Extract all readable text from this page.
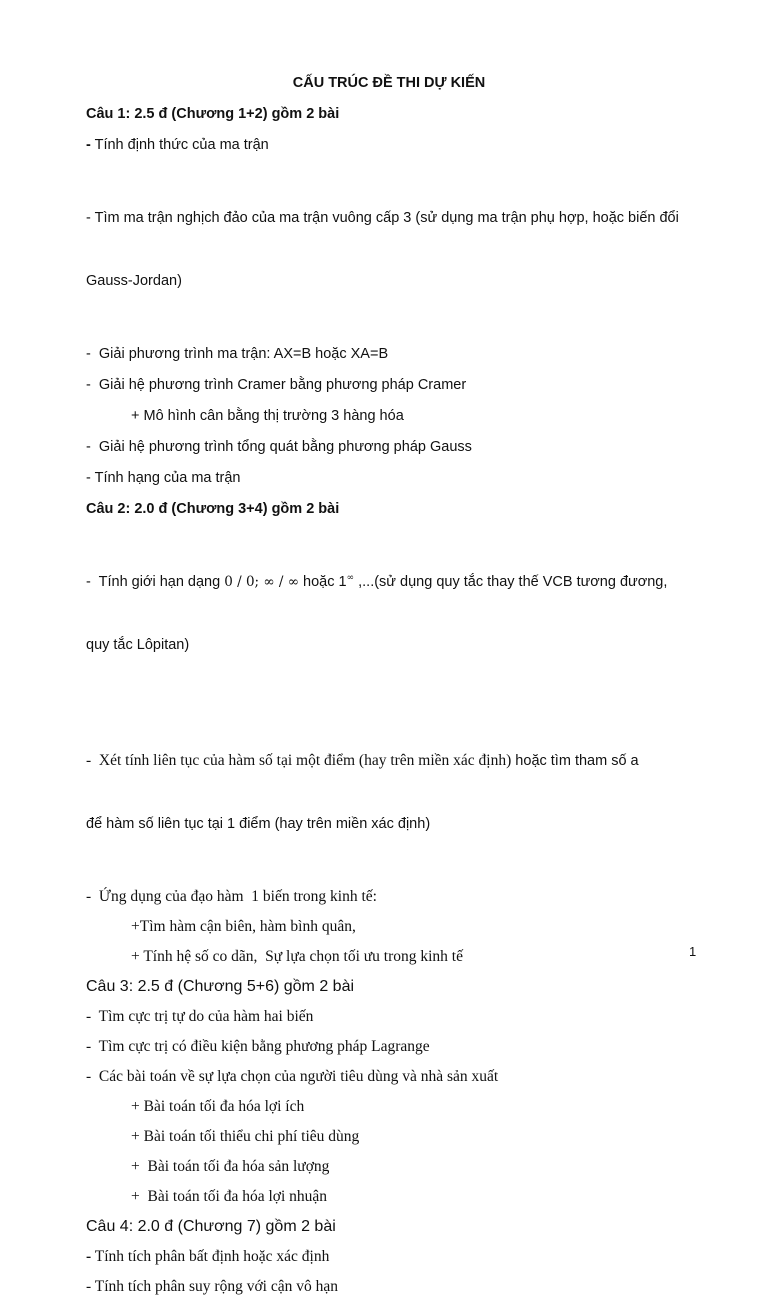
CẤU TRÚC ĐỀ THI DỰ KIẾN
Câu 1: 2.5 đ (Chương 1+2) gồm 2 bài
- Tính định thức của ma trận

- Tìm ma trận nghịch đảo của ma trận vuông cấp 3 (sử dụng ma trận phụ hợp, hoặc biến đổi

Gauss-Jordan)

-  Giải phương trình ma trận: AX=B hoặc XA=B
-  Giải hệ phương trình Cramer bằng phương pháp Cramer
+ Mô hình cân bằng thị trường 3 hàng hóa
-  Giải hệ phương trình tổng quát bằng phương pháp Gauss
- Tính hạng của ma trận
Câu 2: 2.0 đ (Chương 3+4) gồm 2 bài

-  Tính giới hạn dạng 0 / 0; ∞ / ∞ hoặc 1∞ ,...(sử dụng quy tắc thay thế VCB tương đương,

quy tắc Lôpitan)

-  Xét tính liên tục của hàm số tại một điểm (hay trên miền xác định) hoặc tìm tham số a

để hàm số liên tục tại 1 điểm (hay trên miền xác định)

-  Ứng dụng của đạo hàm  1 biến trong kinh tế:
+Tìm hàm cận biên, hàm bình quân,
+ Tính hệ số co dãn,  Sự lựa chọn tối ưu trong kinh tế
Câu 3: 2.5 đ (Chương 5+6) gồm 2 bài
-  Tìm cực trị tự do của hàm hai biến
-  Tìm cực trị có điều kiện bằng phương pháp Lagrange
-  Các bài toán về sự lựa chọn của người tiêu dùng và nhà sản xuất
+ Bài toán tối đa hóa lợi ích
+ Bài toán tối thiểu chi phí tiêu dùng
+  Bài toán tối đa hóa sản lượng
+  Bài toán tối đa hóa lợi nhuận
Câu 4: 2.0 đ (Chương 7) gồm 2 bài
- Tính tích phân bất định hoặc xác định
- Tính tích phân suy rộng với cận vô hạn
1
